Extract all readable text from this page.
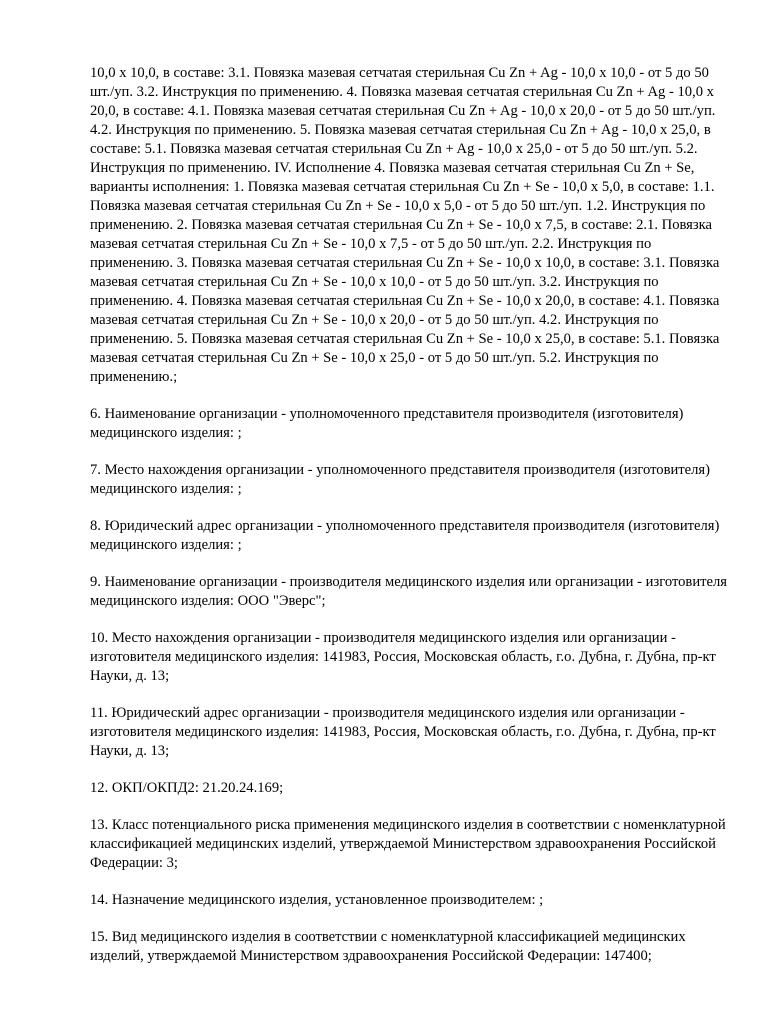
10,0 х 10,0, в составе: 3.1. Повязка мазевая сетчатая стерильная Cu Zn + Ag - 10,0 х 10,0 - от 5 до 50 шт./уп. 3.2. Инструкция по применению. 4. Повязка мазевая сетчатая стерильная Cu Zn + Ag - 10,0 х 20,0, в составе: 4.1. Повязка мазевая сетчатая стерильная Cu Zn + Ag - 10,0 х 20,0 - от 5 до 50 шт./уп. 4.2. Инструкция по применению. 5. Повязка мазевая сетчатая стерильная Cu Zn + Ag - 10,0 х 25,0, в составе: 5.1. Повязка мазевая сетчатая стерильная Cu Zn + Ag - 10,0 х 25,0 - от 5 до 50 шт./уп. 5.2. Инструкция по применению. IV. Исполнение 4. Повязка мазевая сетчатая стерильная Cu Zn + Se, варианты исполнения: 1. Повязка мазевая сетчатая стерильная Cu Zn + Se - 10,0 х 5,0, в составе: 1.1. Повязка мазевая сетчатая стерильная Cu Zn + Se - 10,0 х 5,0 - от 5 до 50 шт./уп. 1.2. Инструкция по применению. 2. Повязка мазевая сетчатая стерильная Cu Zn + Se - 10,0 х 7,5, в составе: 2.1. Повязка мазевая сетчатая стерильная Cu Zn + Se - 10,0 х 7,5 - от 5 до 50 шт./уп. 2.2. Инструкция по применению. 3. Повязка мазевая сетчатая стерильная Cu Zn + Se - 10,0 х 10,0, в составе: 3.1. Повязка мазевая сетчатая стерильная Cu Zn + Se - 10,0 х 10,0 - от 5 до 50 шт./уп. 3.2. Инструкция по применению. 4. Повязка мазевая сетчатая стерильная Cu Zn + Se - 10,0 х 20,0, в составе: 4.1. Повязка мазевая сетчатая стерильная Cu Zn + Se - 10,0 х 20,0 - от 5 до 50 шт./уп. 4.2. Инструкция по применению. 5. Повязка мазевая сетчатая стерильная Cu Zn + Se - 10,0 х 25,0, в составе: 5.1. Повязка мазевая сетчатая стерильная Cu Zn + Se - 10,0 х 25,0 - от 5 до 50 шт./уп. 5.2. Инструкция по применению.;

6. Наименование организации - уполномоченного представителя производителя (изготовителя) медицинского изделия: ;

7. Место нахождения организации - уполномоченного представителя производителя (изготовителя) медицинского изделия: ;

8. Юридический адрес организации - уполномоченного представителя производителя (изготовителя) медицинского изделия: ;

9. Наименование организации - производителя медицинского изделия или организации - изготовителя медицинского изделия: ООО "Эверс";

10. Место нахождения организации - производителя медицинского изделия или организации - изготовителя медицинского изделия: 141983, Россия, Московская область, г.о. Дубна, г. Дубна, пр-кт Науки, д. 13;

11. Юридический адрес организации - производителя медицинского изделия или организации - изготовителя медицинского изделия: 141983, Россия, Московская область, г.о. Дубна, г. Дубна, пр-кт Науки, д. 13;

12. ОКП/ОКПД2: 21.20.24.169;

13. Класс потенциального риска применения медицинского изделия в соответствии с номенклатурной классификацией медицинских изделий, утверждаемой Министерством здравоохранения Российской Федерации: 3;

14. Назначение медицинского изделия, установленное производителем: ;

15. Вид медицинского изделия в соответствии с номенклатурной классификацией медицинских изделий, утверждаемой Министерством здравоохранения Российской Федерации: 147400;
